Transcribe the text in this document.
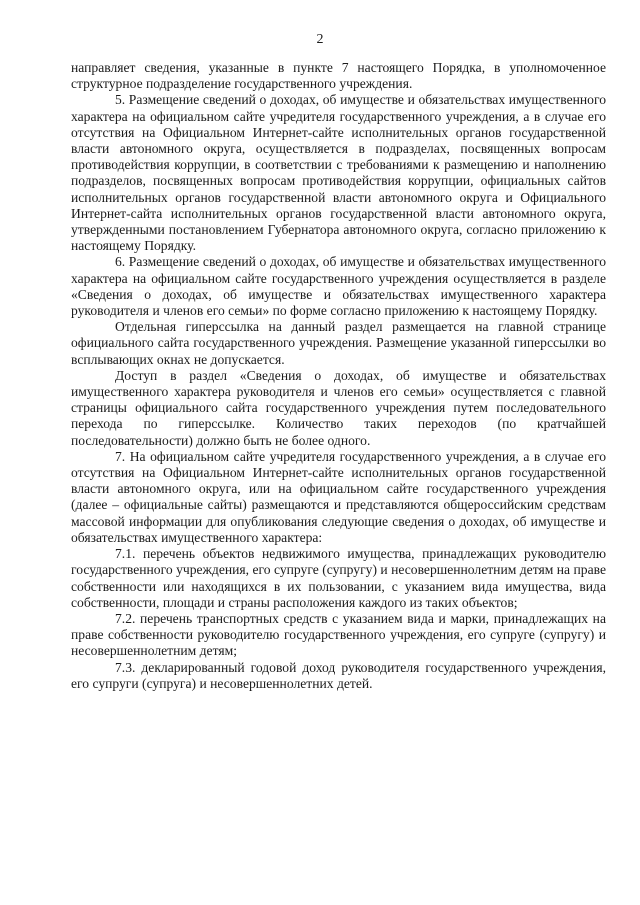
2

направляет сведения, указанные в пункте 7 настоящего Порядка, в уполномоченное структурное подразделение государственного учреждения.

5. Размещение сведений о доходах, об имуществе и обязательствах имущественного характера на официальном сайте учредителя государственного учреждения, а в случае его отсутствия на Официальном Интернет-сайте исполнительных органов государственной власти автономного округа, осуществляется в подразделах, посвященных вопросам противодействия коррупции, в соответствии с требованиями к размещению и наполнению подразделов, посвященных вопросам противодействия коррупции, официальных сайтов исполнительных органов государственной власти автономного округа и Официального Интернет-сайта исполнительных органов государственной власти автономного округа, утвержденными постановлением Губернатора автономного округа, согласно приложению к настоящему Порядку.

6. Размещение сведений о доходах, об имуществе и обязательствах имущественного характера на официальном сайте государственного учреждения осуществляется в разделе «Сведения о доходах, об имуществе и обязательствах имущественного характера руководителя и членов его семьи» по форме согласно приложению к настоящему Порядку.

Отдельная гиперссылка на данный раздел размещается на главной странице официального сайта государственного учреждения. Размещение указанной гиперссылки во всплывающих окнах не допускается.

Доступ в раздел «Сведения о доходах, об имуществе и обязательствах имущественного характера руководителя и членов его семьи» осуществляется с главной страницы официального сайта государственного учреждения путем последовательного перехода по гиперссылке. Количество таких переходов (по кратчайшей последовательности) должно быть не более одного.

7. На официальном сайте учредителя государственного учреждения, а в случае его отсутствия на Официальном Интернет-сайте исполнительных органов государственной власти автономного округа, или на официальном сайте государственного учреждения (далее – официальные сайты) размещаются и представляются общероссийским средствам массовой информации для опубликования следующие сведения о доходах, об имуществе и обязательствах имущественного характера:

7.1. перечень объектов недвижимого имущества, принадлежащих руководителю государственного учреждения, его супруге (супругу) и несовершеннолетним детям на праве собственности или находящихся в их пользовании, с указанием вида имущества, вида собственности, площади и страны расположения каждого из таких объектов;

7.2. перечень транспортных средств с указанием вида и марки, принадлежащих на праве собственности руководителю государственного учреждения, его супруге (супругу) и несовершеннолетним детям;

7.3. декларированный годовой доход руководителя государственного учреждения, его супруги (супруга) и несовершеннолетних детей.
